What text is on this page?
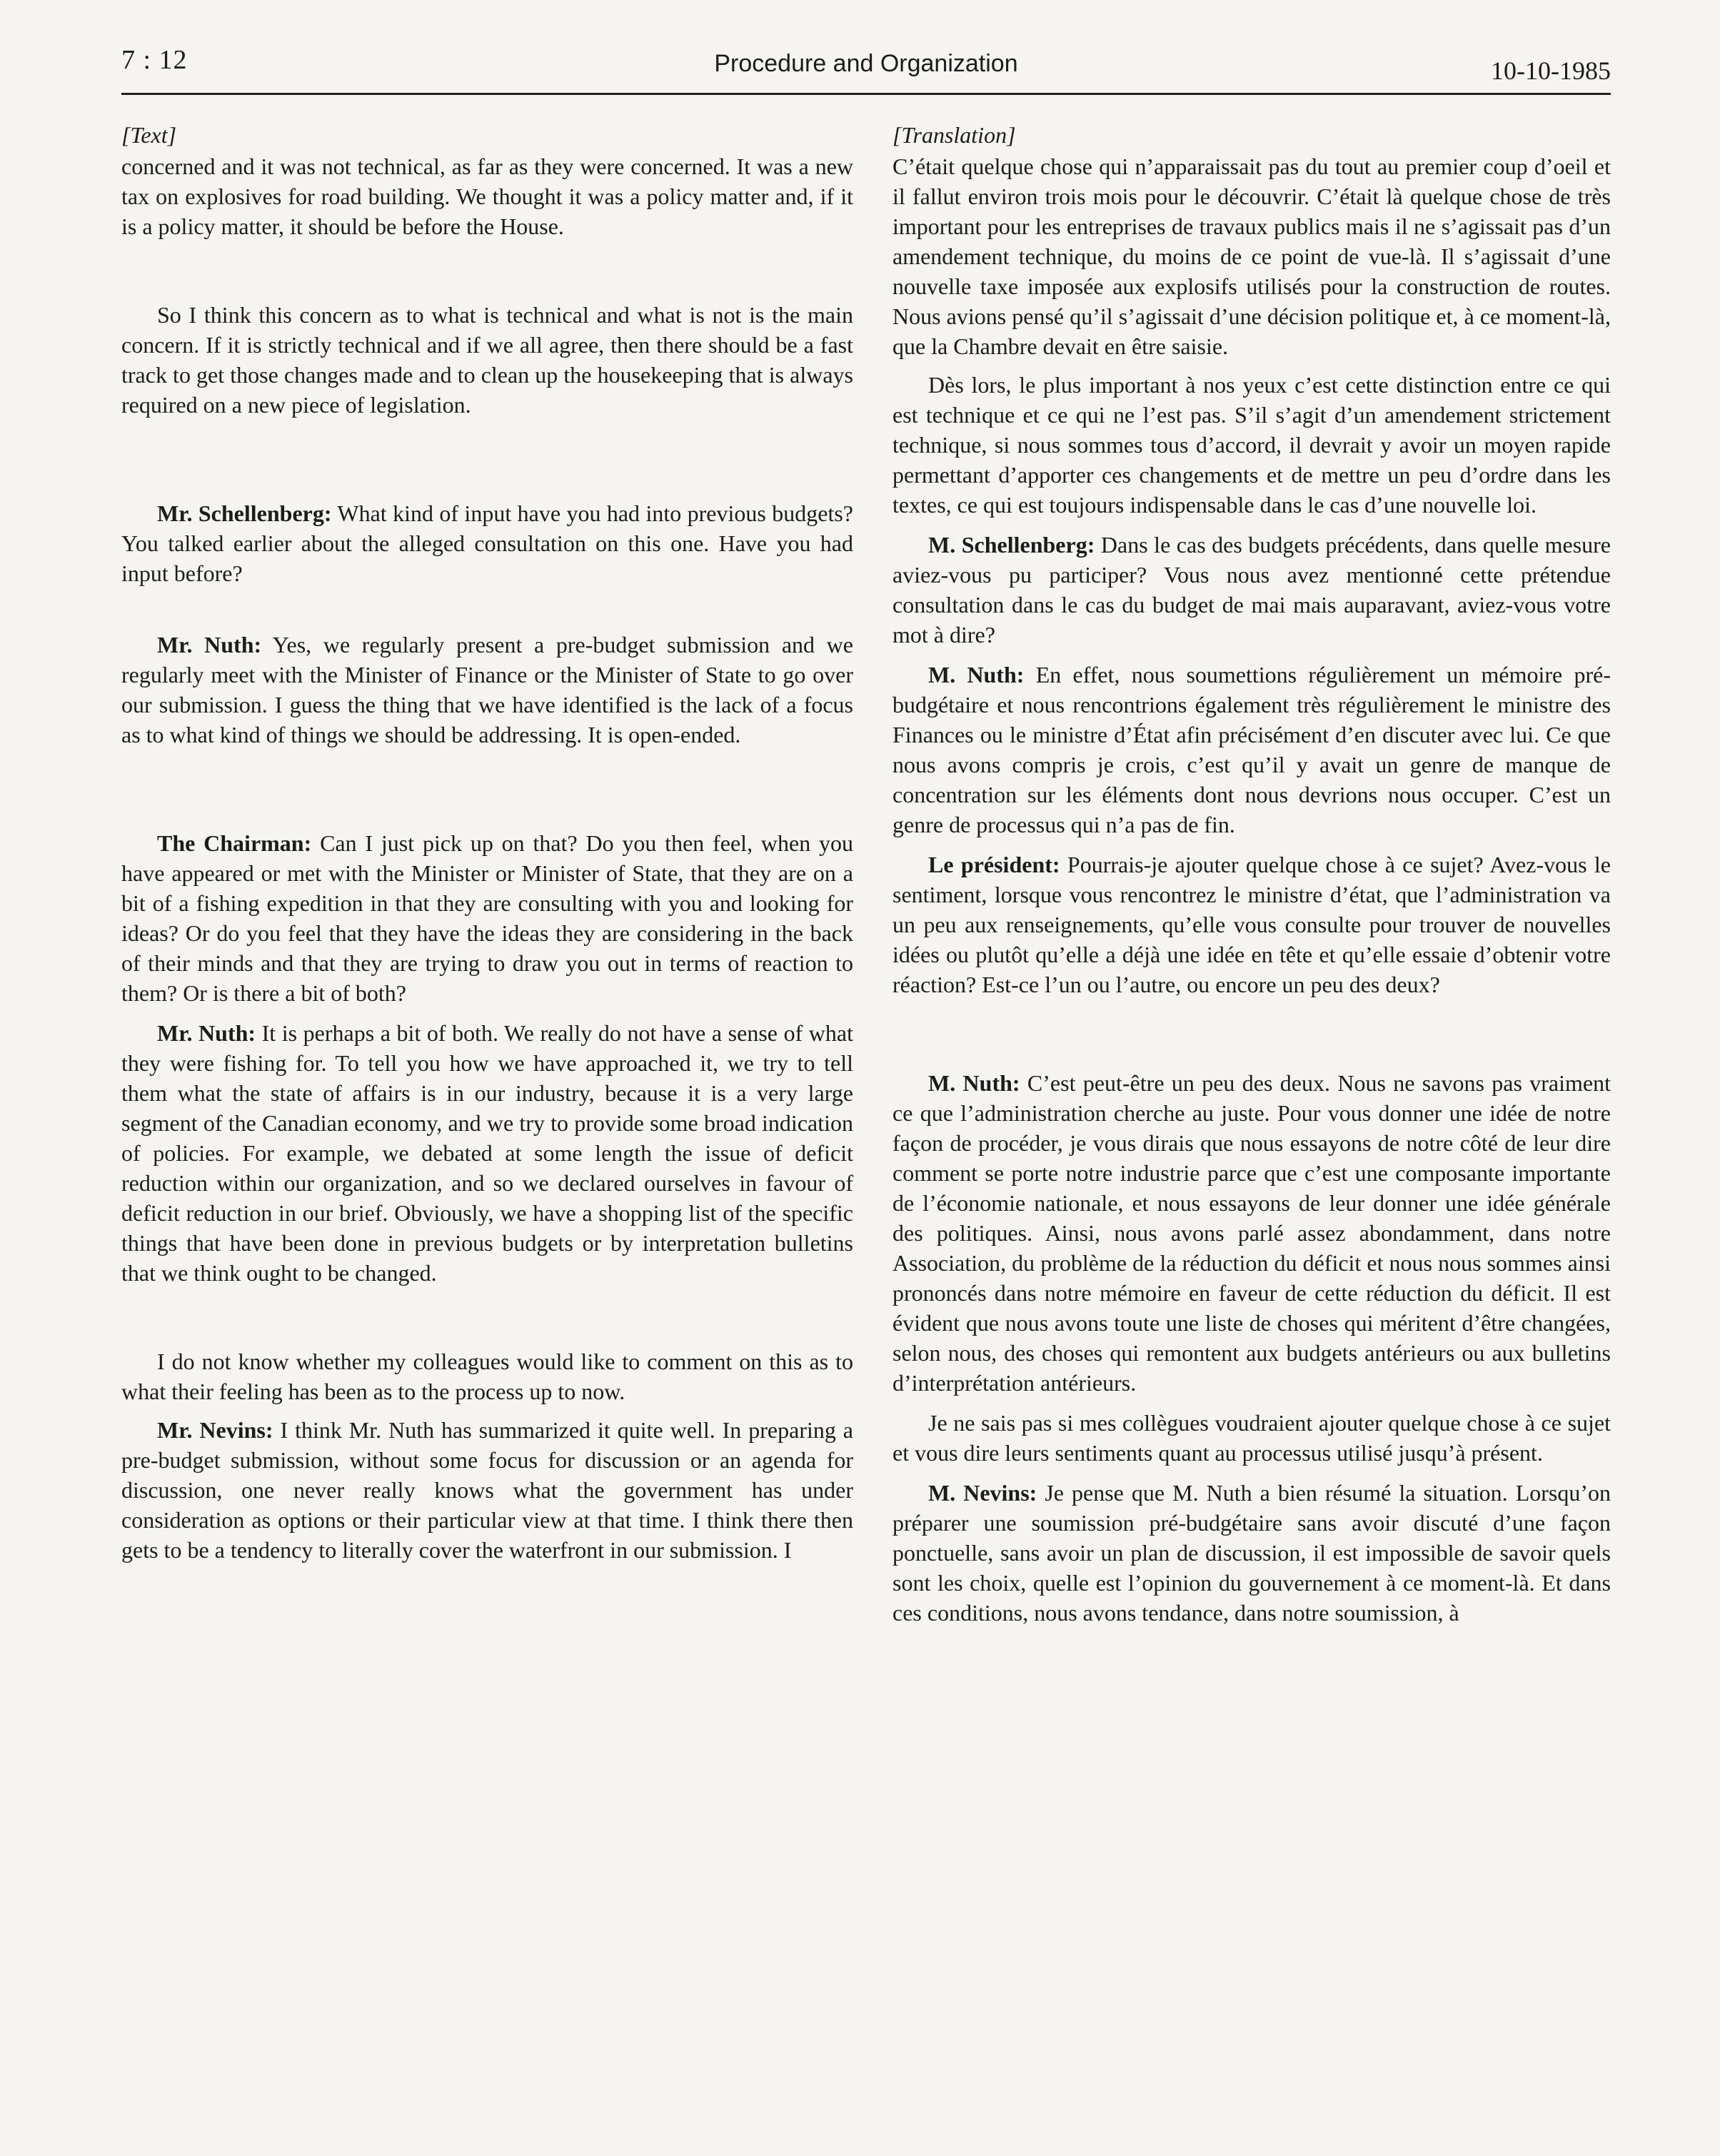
7 : 12	Procedure and Organization	10-10-1985

[Text]

concerned and it was not technical, as far as they were concerned. It was a new tax on explosives for road building. We thought it was a policy matter and, if it is a policy matter, it should be before the House.

So I think this concern as to what is technical and what is not is the main concern. If it is strictly technical and if we all agree, then there should be a fast track to get those changes made and to clean up the housekeeping that is always required on a new piece of legislation.

Mr. Schellenberg: What kind of input have you had into previous budgets? You talked earlier about the alleged consultation on this one. Have you had input before?

Mr. Nuth: Yes, we regularly present a pre-budget submission and we regularly meet with the Minister of Finance or the Minister of State to go over our submission. I guess the thing that we have identified is the lack of a focus as to what kind of things we should be addressing. It is open-ended.

The Chairman: Can I just pick up on that? Do you then feel, when you have appeared or met with the Minister or Minister of State, that they are on a bit of a fishing expedition in that they are consulting with you and looking for ideas? Or do you feel that they have the ideas they are considering in the back of their minds and that they are trying to draw you out in terms of reaction to them? Or is there a bit of both?

Mr. Nuth: It is perhaps a bit of both. We really do not have a sense of what they were fishing for. To tell you how we have approached it, we try to tell them what the state of affairs is in our industry, because it is a very large segment of the Canadian economy, and we try to provide some broad indication of policies. For example, we debated at some length the issue of deficit reduction within our organization, and so we declared ourselves in favour of deficit reduction in our brief. Obviously, we have a shopping list of the specific things that have been done in previous budgets or by interpretation bulletins that we think ought to be changed.

I do not know whether my colleagues would like to comment on this as to what their feeling has been as to the process up to now.

Mr. Nevins: I think Mr. Nuth has summarized it quite well. In preparing a pre-budget submission, without some focus for discussion or an agenda for discussion, one never really knows what the government has under consideration as options or their particular view at that time. I think there then gets to be a tendency to literally cover the waterfront in our submission. I

[Translation]

C’était quelque chose qui n’apparaissait pas du tout au premier coup d’oeil et il fallut environ trois mois pour le découvrir. C’était là quelque chose de très important pour les entreprises de travaux publics mais il ne s’agissait pas d’un amendement technique, du moins de ce point de vue-là. Il s’agissait d’une nouvelle taxe imposée aux explosifs utilisés pour la construction de routes. Nous avions pensé qu’il s’agissait d’une décision politique et, à ce moment-là, que la Chambre devait en être saisie.

Dès lors, le plus important à nos yeux c’est cette distinction entre ce qui est technique et ce qui ne l’est pas. S’il s’agit d’un amendement strictement technique, si nous sommes tous d’accord, il devrait y avoir un moyen rapide permettant d’apporter ces changements et de mettre un peu d’ordre dans les textes, ce qui est toujours indispensable dans le cas d’une nouvelle loi.

M. Schellenberg: Dans le cas des budgets précédents, dans quelle mesure aviez-vous pu participer? Vous nous avez mentionné cette prétendue consultation dans le cas du budget de mai mais auparavant, aviez-vous votre mot à dire?

M. Nuth: En effet, nous soumettions régulièrement un mémoire pré-budgétaire et nous rencontrions également très régulièrement le ministre des Finances ou le ministre d’État afin précisément d’en discuter avec lui. Ce que nous avons compris je crois, c’est qu’il y avait un genre de manque de concentration sur les éléments dont nous devrions nous occuper. C’est un genre de processus qui n’a pas de fin.

Le président: Pourrais-je ajouter quelque chose à ce sujet? Avez-vous le sentiment, lorsque vous rencontrez le ministre d’état, que l’administration va un peu aux renseignements, qu’elle vous consulte pour trouver de nouvelles idées ou plutôt qu’elle a déjà une idée en tête et qu’elle essaie d’obtenir votre réaction? Est-ce l’un ou l’autre, ou encore un peu des deux?

M. Nuth: C’est peut-être un peu des deux. Nous ne savons pas vraiment ce que l’administration cherche au juste. Pour vous donner une idée de notre façon de procéder, je vous dirais que nous essayons de notre côté de leur dire comment se porte notre industrie parce que c’est une composante importante de l’économie nationale, et nous essayons de leur donner une idée générale des politiques. Ainsi, nous avons parlé assez abondamment, dans notre Association, du problème de la réduction du déficit et nous nous sommes ainsi prononcés dans notre mémoire en faveur de cette réduction du déficit. Il est évident que nous avons toute une liste de choses qui méritent d’être changées, selon nous, des choses qui remontent aux budgets antérieurs ou aux bulletins d’interprétation antérieurs.

Je ne sais pas si mes collègues voudraient ajouter quelque chose à ce sujet et vous dire leurs sentiments quant au processus utilisé jusqu’à présent.

M. Nevins: Je pense que M. Nuth a bien résumé la situation. Lorsqu’on préparer une soumission pré-budgétaire sans avoir discuté d’une façon ponctuelle, sans avoir un plan de discussion, il est impossible de savoir quels sont les choix, quelle est l’opinion du gouvernement à ce moment-là. Et dans ces conditions, nous avons tendance, dans notre soumission, à
